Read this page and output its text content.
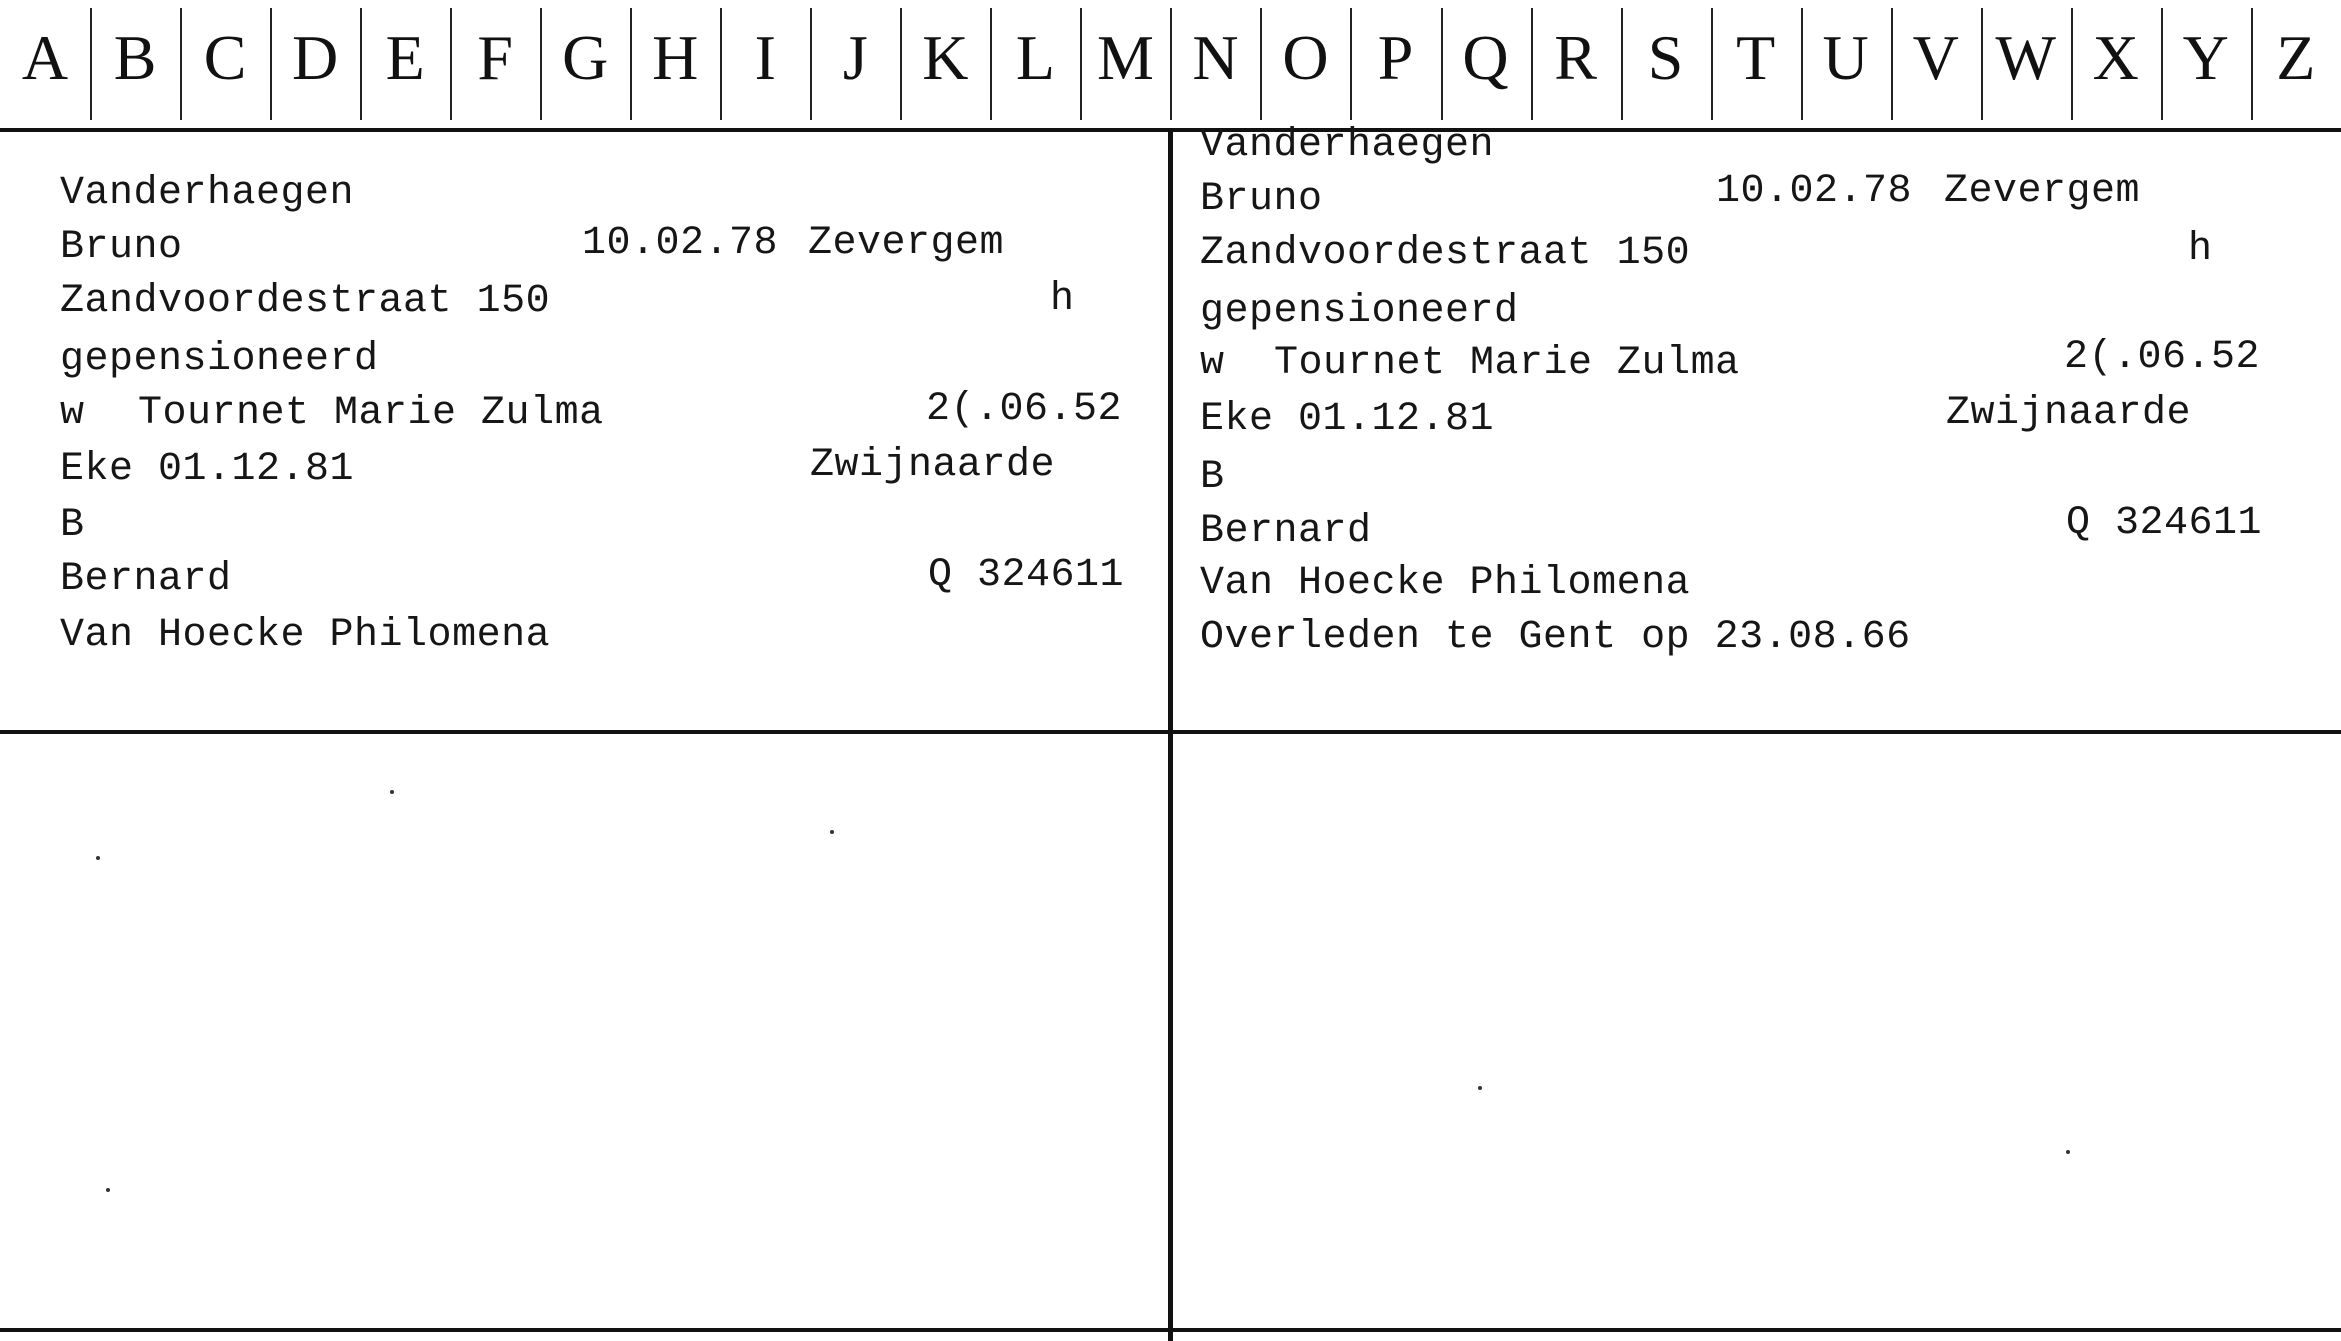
A B C D E F G H I	J K L M N O P Q R S T U V W X Y Z
Vanderhaegen
Bruno	10.02.78 Zevergem
Zandvoordestraat 150	h
gepensioneerd
w Tournet Marie Zulma	2(.06.52
Eke 01.12.81	Zwijnaarde
B
Bernard	Q 324611
Van Hoecke Philomena
Vanderhaegen
Bruno	10.02.78 Zevergem
Zandvoordestraat 150	h
gepensioneerd
w Tournet Marie Zulma	2(.06.52
Eke 01.12.81	Zwijnaarde
B
Bernard	Q 324611
Van Hoecke Philomena
Overleden te Gent op 23.08.66
